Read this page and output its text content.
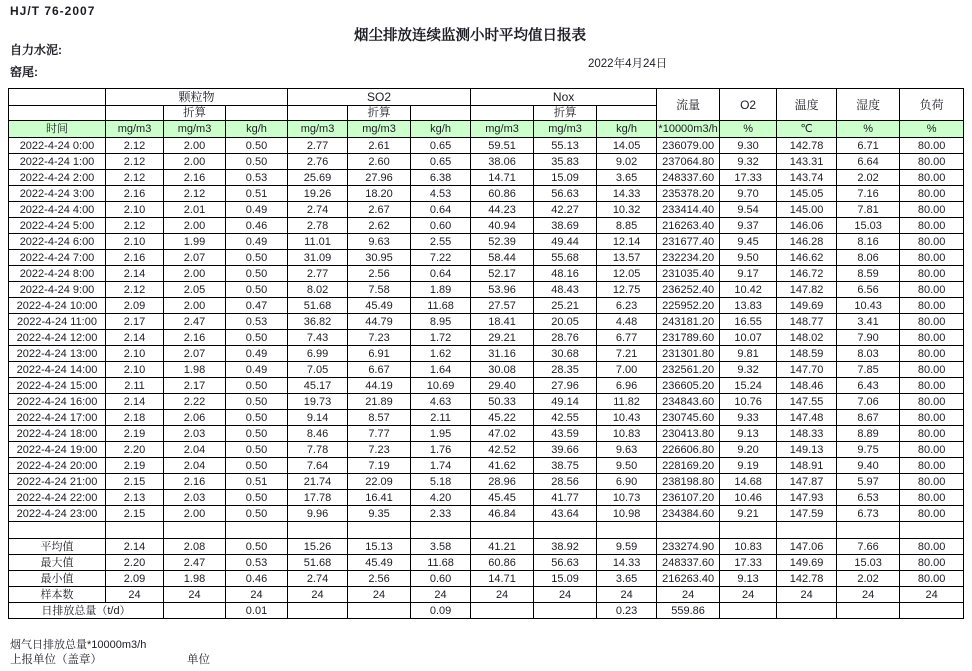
HJ/T 76-2007
烟尘排放连续监测小时平均值日报表
自力水泥:
窑尾:
2022年4月24日
	颗粒物			SO2			Nox			流量	O2	温度	湿度	负荷	
		折算			折算			折算							
时间	mg/m3	mg/m3	kg/h	mg/m3	mg/m3	kg/h	mg/m3	mg/m3	kg/h	*10000m3/h	%	℃	%	%	
2022-4-24 0:00	2.12	2.00	0.50	2.77	2.61	0.65	59.51	55.13	14.05	236079.00	9.30	142.78	6.71	80.00	
2022-4-24 1:00	2.12	2.00	0.50	2.76	2.60	0.65	38.06	35.83	9.02	237064.80	9.32	143.31	6.64	80.00	
2022-4-24 2:00	2.12	2.16	0.53	25.69	27.96	6.38	14.71	15.09	3.65	248337.60	17.33	143.74	2.02	80.00	
2022-4-24 3:00	2.16	2.12	0.51	19.26	18.20	4.53	60.86	56.63	14.33	235378.20	9.70	145.05	7.16	80.00	
2022-4-24 4:00	2.10	2.01	0.49	2.74	2.67	0.64	44.23	42.27	10.32	233414.40	9.54	145.00	7.81	80.00	
2022-4-24 5:00	2.12	2.00	0.46	2.78	2.62	0.60	40.94	38.69	8.85	216263.40	9.37	146.06	15.03	80.00	
2022-4-24 6:00	2.10	1.99	0.49	11.01	9.63	2.55	52.39	49.44	12.14	231677.40	9.45	146.28	8.16	80.00	
2022-4-24 7:00	2.16	2.07	0.50	31.09	30.95	7.22	58.44	55.68	13.57	232234.20	9.50	146.62	8.06	80.00	
2022-4-24 8:00	2.14	2.00	0.50	2.77	2.56	0.64	52.17	48.16	12.05	231035.40	9.17	146.72	8.59	80.00	
2022-4-24 9:00	2.12	2.05	0.50	8.02	7.58	1.89	53.96	48.43	12.75	236252.40	10.42	147.82	6.56	80.00	
2022-4-24 10:00	2.09	2.00	0.47	51.68	45.49	11.68	27.57	25.21	6.23	225952.20	13.83	149.69	10.43	80.00	
2022-4-24 11:00	2.17	2.47	0.53	36.82	44.79	8.95	18.41	20.05	4.48	243181.20	16.55	148.77	3.41	80.00	
2022-4-24 12:00	2.14	2.16	0.50	7.43	7.23	1.72	29.21	28.76	6.77	231789.60	10.07	148.02	7.90	80.00	
2022-4-24 13:00	2.10	2.07	0.49	6.99	6.91	1.62	31.16	30.68	7.21	231301.80	9.81	148.59	8.03	80.00	
2022-4-24 14:00	2.10	1.98	0.49	7.05	6.67	1.64	30.08	28.35	7.00	232561.20	9.32	147.70	7.85	80.00	
2022-4-24 15:00	2.11	2.17	0.50	45.17	44.19	10.69	29.40	27.96	6.96	236605.20	15.24	148.46	6.43	80.00	
2022-4-24 16:00	2.14	2.22	0.50	19.73	21.89	4.63	50.33	49.14	11.82	234843.60	10.76	147.55	7.06	80.00	
2022-4-24 17:00	2.18	2.06	0.50	9.14	8.57	2.11	45.22	42.55	10.43	230745.60	9.33	147.48	8.67	80.00	
2022-4-24 18:00	2.19	2.03	0.50	8.46	7.77	1.95	47.02	43.59	10.83	230413.80	9.13	148.33	8.89	80.00	
2022-4-24 19:00	2.20	2.04	0.50	7.78	7.23	1.76	42.52	39.66	9.63	226606.80	9.20	149.13	9.75	80.00	
2022-4-24 20:00	2.19	2.04	0.50	7.64	7.19	1.74	41.62	38.75	9.50	228169.20	9.19	148.91	9.40	80.00	
2022-4-24 21:00	2.15	2.16	0.51	21.74	22.09	5.18	28.96	28.56	6.90	238198.80	14.68	147.87	5.97	80.00	
2022-4-24 22:00	2.13	2.03	0.50	17.78	16.41	4.20	45.45	41.77	10.73	236107.20	10.46	147.93	6.53	80.00	
2022-4-24 23:00	2.15	2.00	0.50	9.96	9.35	2.33	46.84	43.64	10.98	234384.60	9.21	147.59	6.73	80.00	

平均值	2.14	2.08	0.50	15.26	15.13	3.58	41.21	38.92	9.59	233274.90	10.83	147.06	7.66	80.00	
最大值	2.20	2.47	0.53	51.68	45.49	11.68	60.86	56.63	14.33	248337.60	17.33	149.69	15.03	80.00	
最小值	2.09	1.98	0.46	2.74	2.56	0.60	14.71	15.09	3.65	216263.40	9.13	142.78	2.02	80.00	
样本数	24	24	24	24	24	24	24	24	24	24	24	24	24	24	
日排放总量（t/d）			0.01			0.09			0.23	559.86					
烟气日排放总量*10000m3/h
上报单位（盖章）	单位
